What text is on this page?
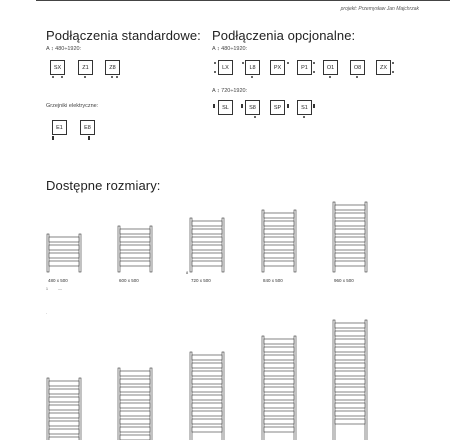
projekt: Przemysław Jan Majchrzak
Podłączenia standardowe:
A ↕ 480÷1920:
SX	Z1	Z8
Grzejniki elektryczne:
E1	E8
Podłączenia opcjonalne:
A ↕ 480÷1920:
LX	L8	PX	P1	O1	O8	ZX
A ↕ 720÷1920:
SL	S8	SP	S1
Dostępne rozmiary:
480 x 500	600 x 500	720 x 500	840 x 500	960 x 500
1	~~
8
·
